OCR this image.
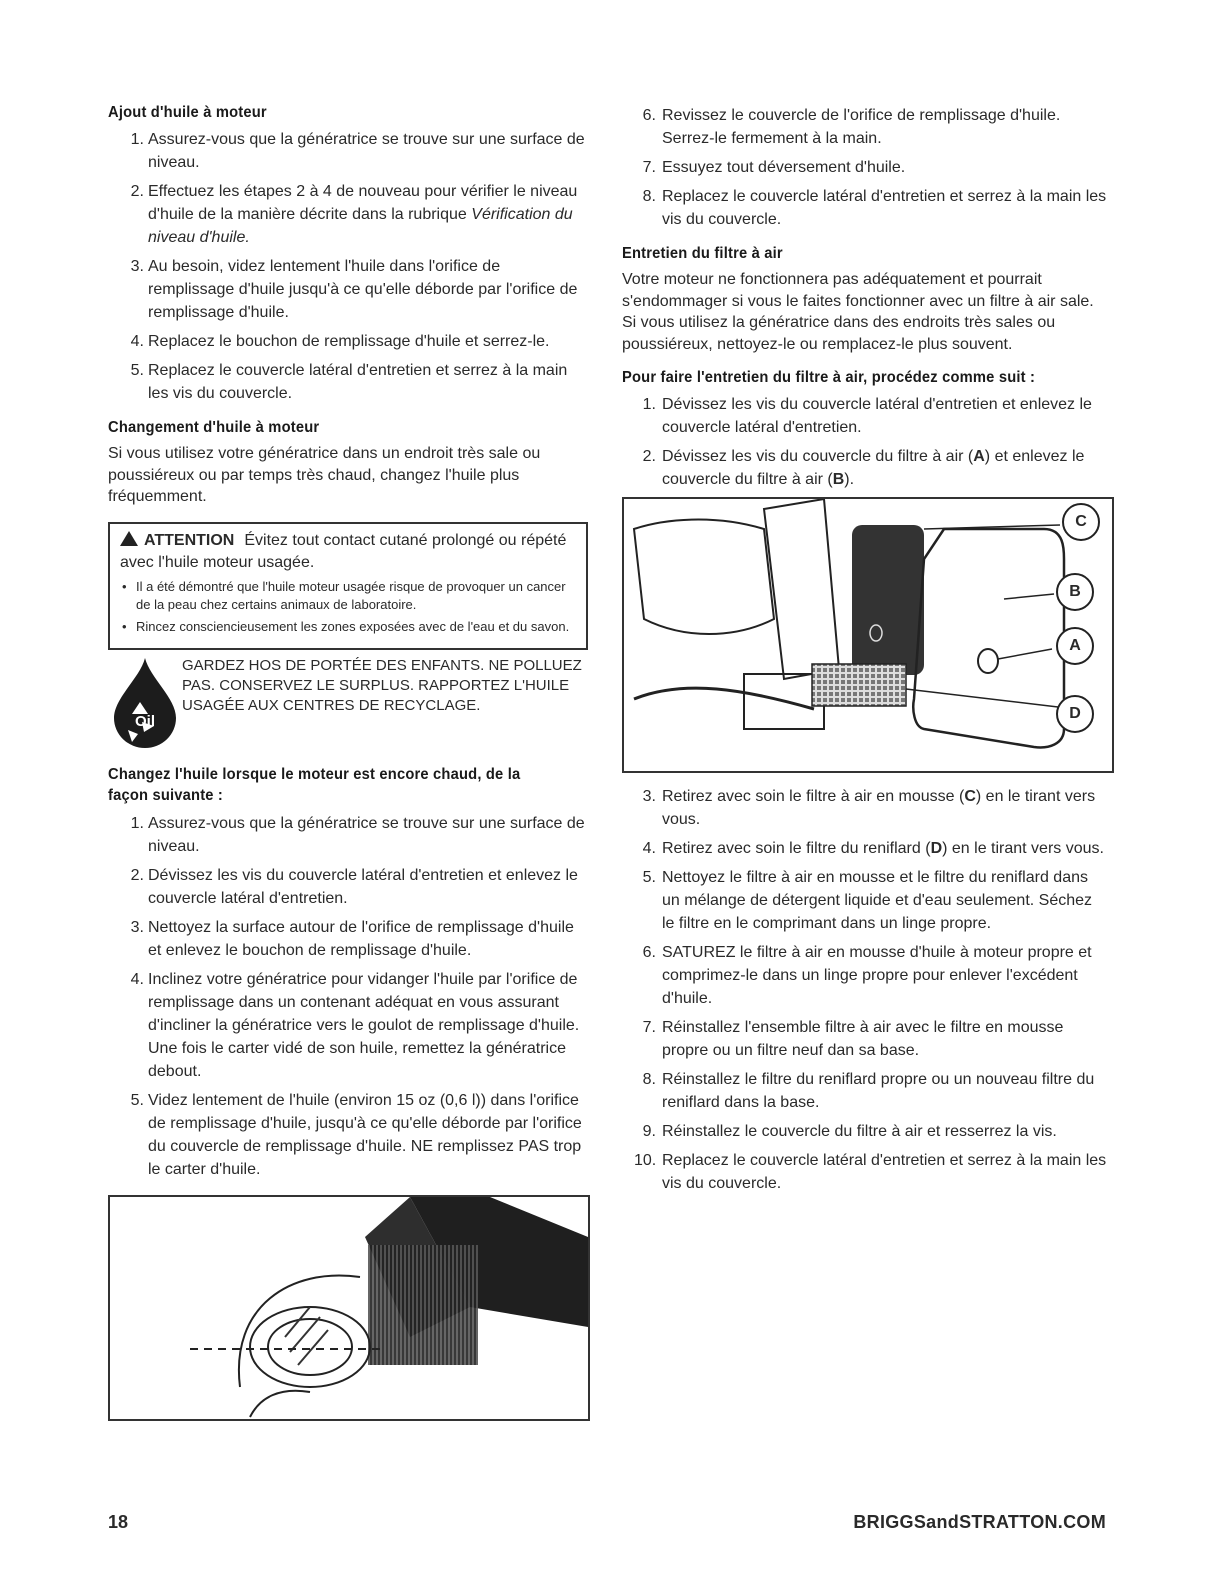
Ajout d'huile à moteur
1. Assurez-vous que la génératrice se trouve sur une surface de niveau.
2. Effectuez les étapes 2 à 4 de nouveau pour vérifier le niveau d'huile de la manière décrite dans la rubrique Vérification du niveau d'huile.
3. Au besoin, videz lentement l'huile dans l'orifice de remplissage d'huile jusqu'à ce qu'elle déborde par l'orifice de remplissage d'huile.
4. Replacez le bouchon de remplissage d'huile et serrez-le.
5. Replacez le couvercle latéral d'entretien et serrez à la main les vis du couvercle.
Changement d'huile à moteur

Si vous utilisez votre génératrice dans un endroit très sale ou poussiéreux ou par temps très chaud, changez l'huile plus fréquemment.

ATTENTION Évitez tout contact cutané prolongé ou répété avec l'huile moteur usagée.
• Il a été démontré que l'huile moteur usagée risque de provoquer un cancer de la peau chez certains animaux de laboratoire.
• Rincez consciencieusement les zones exposées avec de l'eau et du savon.
Oil
GARDEZ HOS DE PORTÉE DES ENFANTS. NE POLLUEZ PAS. CONSERVEZ LE SURPLUS. RAPPORTEZ L'HUILE USAGÉE AUX CENTRES DE RECYCLAGE.
Changez l'huile lorsque le moteur est encore chaud, de la façon suivante :
1. Assurez-vous que la génératrice se trouve sur une surface de niveau.
2. Dévissez les vis du couvercle latéral d'entretien et enlevez le couvercle latéral d'entretien.
3. Nettoyez la surface autour de l'orifice de remplissage d'huile et enlevez le bouchon de remplissage d'huile.
4. Inclinez votre génératrice pour vidanger l'huile par l'orifice de remplissage dans un contenant adéquat en vous assurant d'incliner la génératrice vers le goulot de remplissage d'huile. Une fois le carter vidé de son huile, remettez la génératrice debout.
5. Videz lentement de l'huile (environ 15 oz (0,6 l)) dans l'orifice de remplissage d'huile, jusqu'à ce qu'elle déborde par l'orifice du couvercle de remplissage d'huile. NE remplissez PAS trop le carter d'huile.
6. Revissez le couvercle de l'orifice de remplissage d'huile. Serrez-le fermement à la main.
7. Essuyez tout déversement d'huile.
8. Replacez le couvercle latéral d'entretien et serrez à la main les vis du couvercle.
Entretien du filtre à air

Votre moteur ne fonctionnera pas adéquatement et pourrait s'endommager si vous le faites fonctionner avec un filtre à air sale. Si vous utilisez la génératrice dans des endroits très sales ou poussiéreux, nettoyez-le ou remplacez-le plus souvent.

Pour faire l'entretien du filtre à air, procédez comme suit :
1. Dévissez les vis du couvercle latéral d'entretien et enlevez le couvercle latéral d'entretien.
2. Dévissez les vis du couvercle du filtre à air (A) et enlevez le couvercle du filtre à air (B).
C
B
A
D
3. Retirez avec soin le filtre à air en mousse (C) en le tirant vers vous.
4. Retirez avec soin le filtre du reniflard (D) en le tirant vers vous.
5. Nettoyez le filtre à air en mousse et le filtre du reniflard dans un mélange de détergent liquide et d'eau seulement. Séchez le filtre en le comprimant dans un linge propre.
6. SATUREZ le filtre à air en mousse d'huile à moteur propre et comprimez-le dans un linge propre pour enlever l'excédent d'huile.
7. Réinstallez l'ensemble filtre à air avec le filtre en mousse propre ou un filtre neuf dan sa base.
8. Réinstallez le filtre du reniflard propre ou un nouveau filtre du reniflard dans la base.
9. Réinstallez le couvercle du filtre à air et resserrez la vis.
10. Replacez le couvercle latéral d'entretien et serrez à la main les vis du couvercle.
18	BRIGGSandSTRATTON.COM
